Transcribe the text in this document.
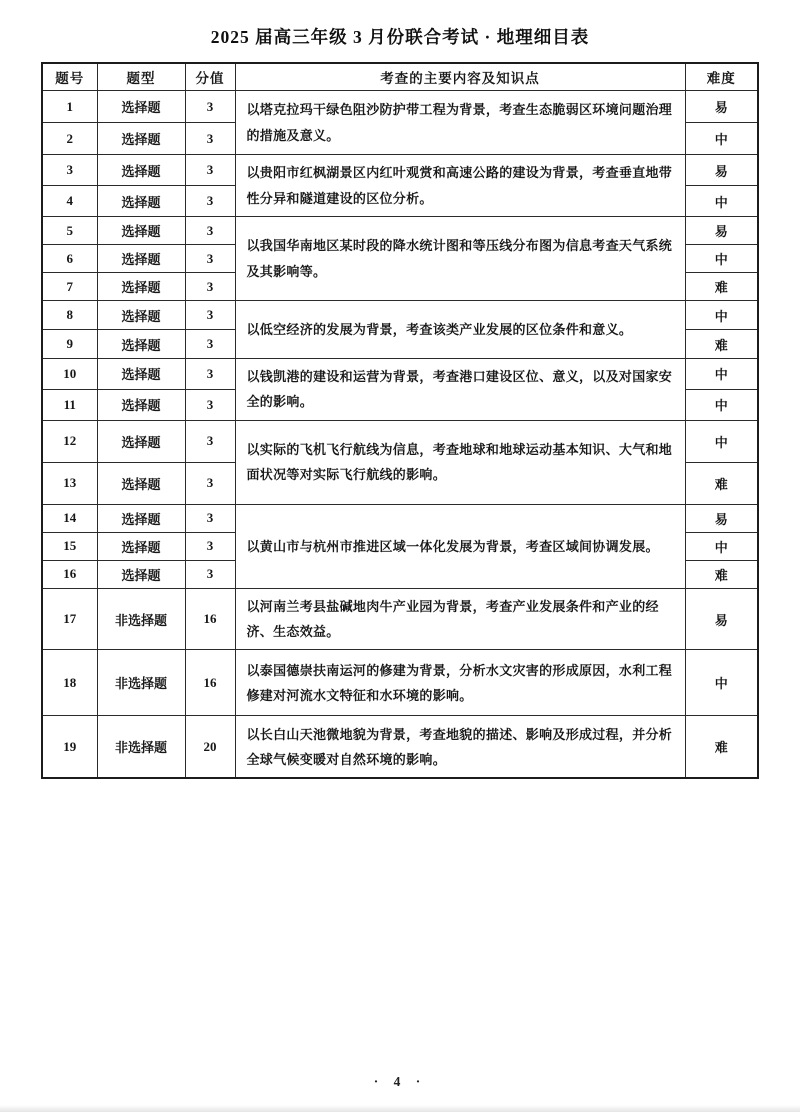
2025 届高三年级 3 月份联合考试 · 地理细目表
题号	题型	分值	考查的主要内容及知识点	难度
1	选择题	3	以塔克拉玛干绿色阻沙防护带工程为背景，考查生态脆弱区环境问题治理的措施及意义。	易
2	选择题	3		中
3	选择题	3	以贵阳市红枫湖景区内红叶观赏和高速公路的建设为背景，考查垂直地带性分异和隧道建设的区位分析。	易
4	选择题	3		中
5	选择题	3	以我国华南地区某时段的降水统计图和等压线分布图为信息考查天气系统及其影响等。	易
6	选择题	3		中
7	选择题	3		难
8	选择题	3	以低空经济的发展为背景，考查该类产业发展的区位条件和意义。	中
9	选择题	3		难
10	选择题	3	以钱凯港的建设和运营为背景，考查港口建设区位、意义，以及对国家安全的影响。	中
11	选择题	3		中
12	选择题	3	以实际的飞机飞行航线为信息，考查地球和地球运动基本知识、大气和地面状况等对实际飞行航线的影响。	中
13	选择题	3		难
14	选择题	3	以黄山市与杭州市推进区域一体化发展为背景，考查区域间协调发展。	易
15	选择题	3		中
16	选择题	3		难
17	非选择题	16	以河南兰考县盐碱地肉牛产业园为背景，考查产业发展条件和产业的经济、生态效益。	易
18	非选择题	16	以泰国德崇扶南运河的修建为背景，分析水文灾害的形成原因，水利工程修建对河流水文特征和水环境的影响。	中
19	非选择题	20	以长白山天池微地貌为背景，考查地貌的描述、影响及形成过程，并分析全球气候变暖对自然环境的影响。	难
· 4 ·
